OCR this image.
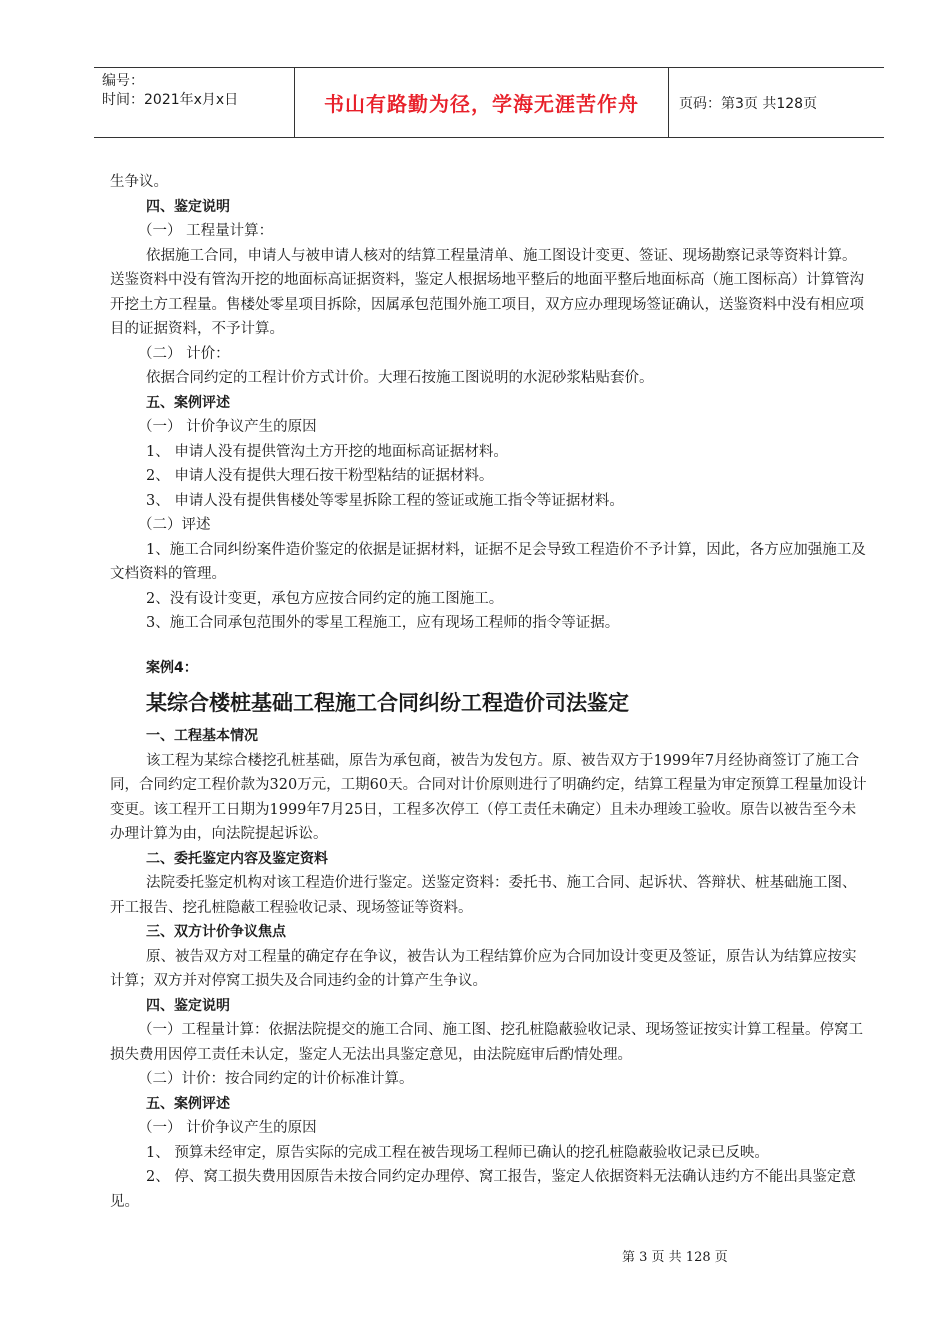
编号：
时间：2021年x月x日	书山有路勤为径，学海无涯苦作舟	页码：第3页 共128页

生争议。

四、鉴定说明

（一） 工程量计算：

依据施工合同，申请人与被申请人核对的结算工程量清单、施工图设计变更、签证、现场勘察记录等资料计算。送鉴资料中没有管沟开挖的地面标高证据资料，鉴定人根据场地平整后的地面平整后地面标高（施工图标高）计算管沟开挖土方工程量。售楼处零星项目拆除，因属承包范围外施工项目，双方应办理现场签证确认，送鉴资料中没有相应项目的证据资料，不予计算。

（二） 计价：

依据合同约定的工程计价方式计价。大理石按施工图说明的水泥砂浆粘贴套价。

五、案例评述

（一） 计价争议产生的原因

1、 申请人没有提供管沟土方开挖的地面标高证据材料。

2、 申请人没有提供大理石按干粉型粘结的证据材料。

3、 申请人没有提供售楼处等零星拆除工程的签证或施工指令等证据材料。

（二）评述

1、施工合同纠纷案件造价鉴定的依据是证据材料，证据不足会导致工程造价不予计算，因此，各方应加强施工及文档资料的管理。

2、没有设计变更，承包方应按合同约定的施工图施工。

3、施工合同承包范围外的零星工程施工，应有现场工程师的指令等证据。

案例4：

某综合楼桩基础工程施工合同纠纷工程造价司法鉴定

一、工程基本情况

该工程为某综合楼挖孔桩基础，原告为承包商，被告为发包方。原、被告双方于1999年7月经协商签订了施工合同，合同约定工程价款为320万元，工期60天。合同对计价原则进行了明确约定，结算工程量为审定预算工程量加设计变更。该工程开工日期为1999年7月25日，工程多次停工（停工责任未确定）且未办理竣工验收。原告以被告至今未办理计算为由，向法院提起诉讼。

二、委托鉴定内容及鉴定资料

法院委托鉴定机构对该工程造价进行鉴定。送鉴定资料：委托书、施工合同、起诉状、答辩状、桩基础施工图、开工报告、挖孔桩隐蔽工程验收记录、现场签证等资料。

三、双方计价争议焦点

原、被告双方对工程量的确定存在争议，被告认为工程结算价应为合同加设计变更及签证，原告认为结算应按实计算；双方并对停窝工损失及合同违约金的计算产生争议。

四、鉴定说明

（一）工程量计算：依据法院提交的施工合同、施工图、挖孔桩隐蔽验收记录、现场签证按实计算工程量。停窝工损失费用因停工责任未认定，鉴定人无法出具鉴定意见，由法院庭审后酌情处理。

（二）计价：按合同约定的计价标准计算。

五、案例评述

（一） 计价争议产生的原因

1、 预算未经审定，原告实际的完成工程在被告现场工程师已确认的挖孔桩隐蔽验收记录已反映。

2、 停、窝工损失费用因原告未按合同约定办理停、窝工报告，鉴定人依据资料无法确认违约方不能出具鉴定意见。

第 3 页 共 128 页
